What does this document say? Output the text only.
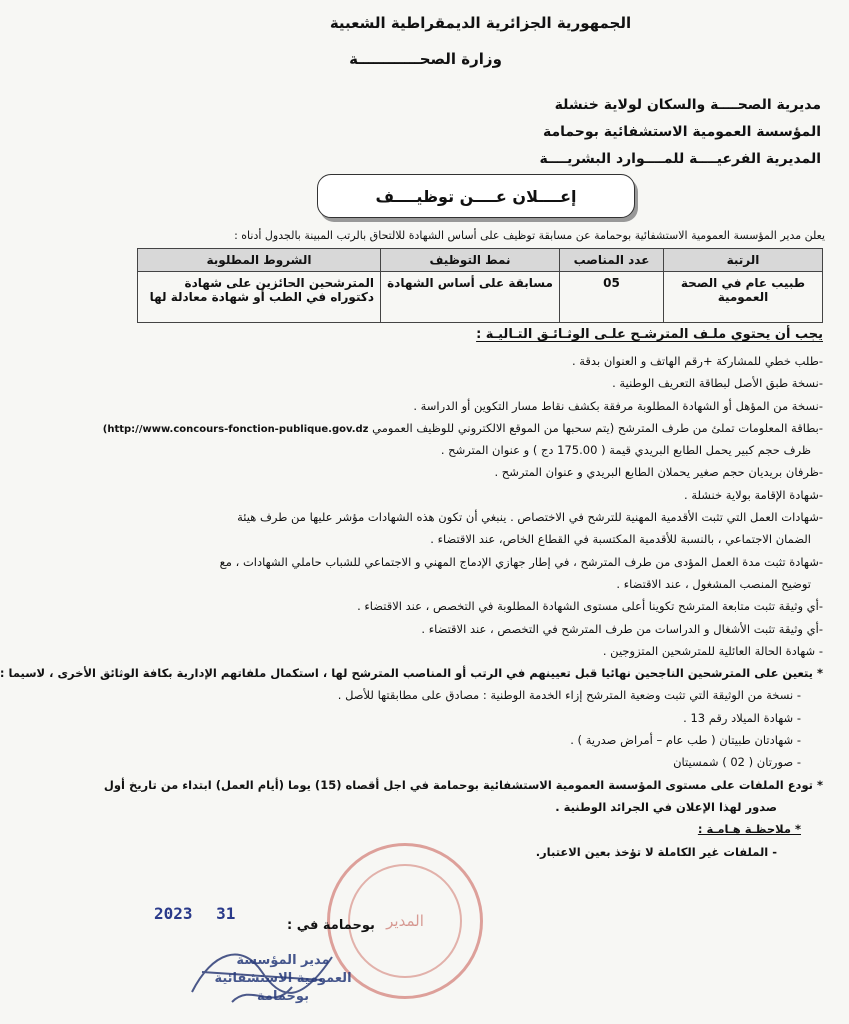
الجمهورية الجزائرية الديمقراطية الشعبية
وزارة الصحــــــــــــة
مديرية الصحــــة والسكان لولاية خنشلة
المؤسسة العمومية الاستشفائية بوحمامة
المديرية الفرعيــــة للمــــوارد البشريــــة
إعــــلان عــــن توظيــــف
يعلن مدير المؤسسة العمومية الاستشفائية بوحمامة عن مسابقة توظيف على أساس الشهادة للالتحاق بالرتب المبينة بالجدول أدناه :
الرتبة	عدد المناصب	نمط التوظيف	الشروط المطلوبة
طبيب عام في الصحة العمومية	05	مسابقة على أساس الشهادة	المترشحين الحائزين على شهادة دكتوراه في الطب أو شهادة معادلة لها
يجب أن يحتوي ملـف المترشـح علـى الوثـائـق التـاليـة :
-طلب خطي للمشاركة +رقم الهاتف و العنوان بدقة .
-نسخة طبق الأصل لبطاقة التعريف الوطنية .
-نسخة من المؤهل أو الشهادة المطلوبة مرفقة بكشف نقاط مسار التكوين أو الدراسة .
-بطاقة المعلومات تملئ من طرف المترشح (يتم سحبها من الموقع الالكتروني للوظيف العمومي (http://www.concours-fonction-publique.gov.dz
ظرف حجم كبير يحمل الطابع البريدي قيمة ( 175.00 دج ) و عنوان المترشح .
-ظرفان بريديان حجم صغير يحملان الطابع البريدي و عنوان المترشح .
-شهادة الإقامة بولاية خنشلة .
-شهادات العمل التي تثبت الأقدمية المهنية للترشح في الاختصاص . ينبغي أن تكون هذه الشهادات مؤشر عليها من طرف هيئة
الضمان الاجتماعي ، بالنسبة للأقدمية المكتسبة في القطاع الخاص، عند الاقتضاء .
-شهادة تثبت مدة العمل المؤدى من طرف المترشح ، في إطار جهازي الإدماج المهني و الاجتماعي للشباب حاملي الشهادات ، مع
توضيح المنصب المشغول ، عند الاقتضاء .
-أي وثيقة تثبت متابعة المترشح تكوينا أعلى مستوى الشهادة المطلوبة في التخصص ، عند الاقتضاء .
-أي وثيقة تثبت الأشغال و الدراسات من طرف المترشح في التخصص ، عند الاقتضاء .
- شهادة الحالة العائلية للمترشحين المتزوجين .
* يتعين على المترشحين الناجحين نهائيا قبل تعيينهم في الرتب أو المناصب المترشح لها ، استكمال ملفاتهم الإدارية بكافة الوثائق الأخرى ، لاسيما :
- نسخة من الوثيقة التي تثبت وضعية المترشح إزاء الخدمة الوطنية : مصادق على مطابقتها للأصل .
- شهادة الميلاد رقم 13 .
- شهادتان طبيتان ( طب عام – أمراض صدرية ) .
- صورتان ( 02 ) شمسيتان
* تودع الملفات على مستوى المؤسسة العمومية الاستشفائية بوحمامة في اجل أقصاه (15) يوما (أيام العمل) ابتداء من تاريخ أول
صدور لهذا الإعلان في الجرائد الوطنية .
* ملاحظـة هـامـة :
- الملفات غير الكاملة لا تؤخذ بعين الاعتبار.
المدير
2023 31
بوحمامة في :
مدير المؤسسة العمومية الاستشفائية بوحمامة
